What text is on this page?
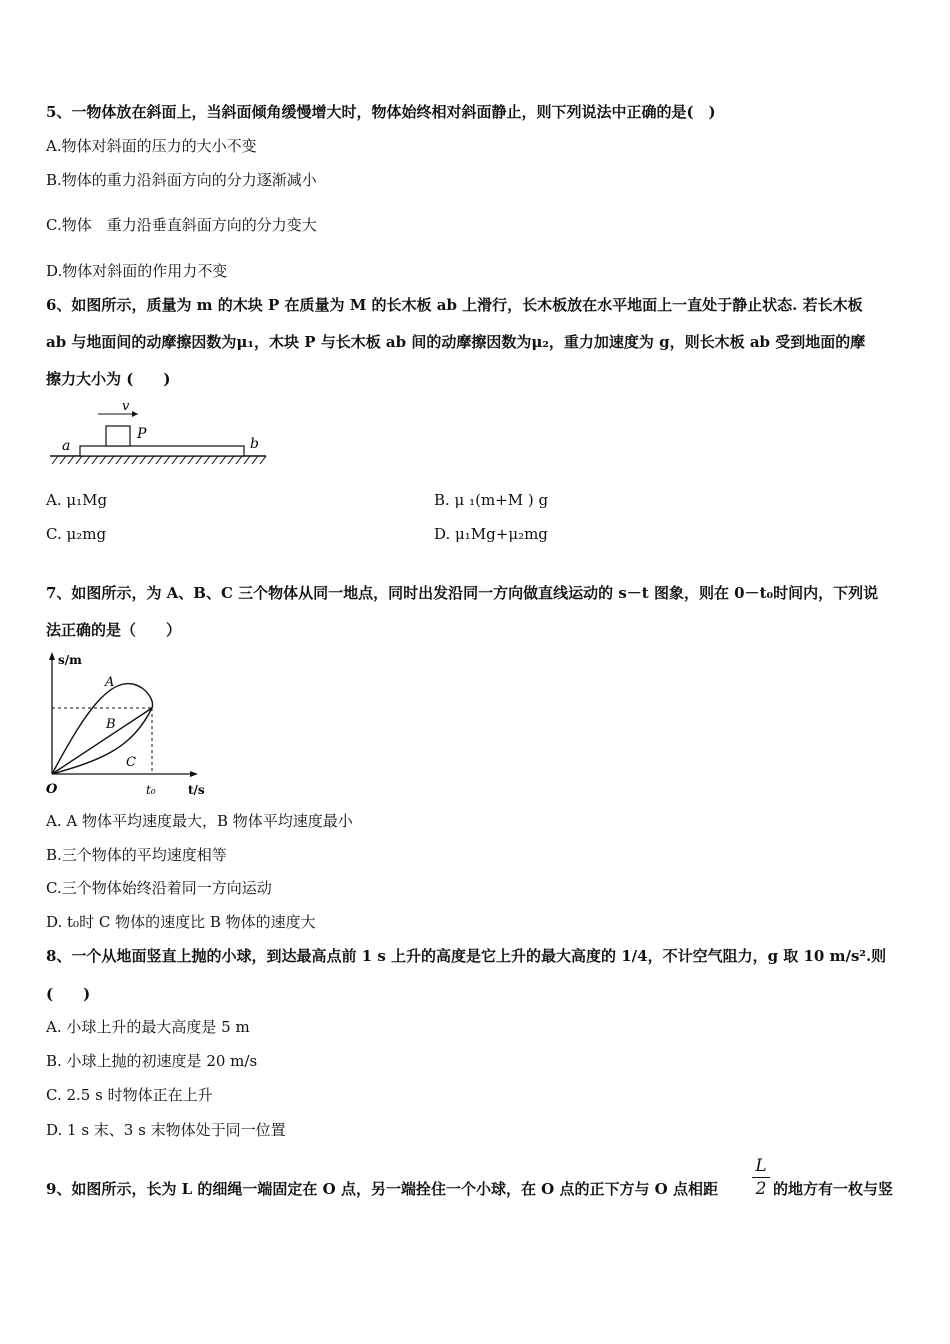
5、一物体放在斜面上，当斜面倾角缓慢增大时，物体始终相对斜面静止，则下列说法中正确的是(　)
A.物体对斜面的压力的大小不变
B.物体的重力沿斜面方向的分力逐渐减小
C.物体　重力沿垂直斜面方向的分力变大
D.物体对斜面的作用力不变
6、如图所示，质量为 m 的木块 P 在质量为 M 的长木板 ab 上滑行，长木板放在水平地面上一直处于静止状态. 若长木板
ab 与地面间的动摩擦因数为μ₁，木块 P 与长木板 ab 间的动摩擦因数为μ₂，重力加速度为 g，则长木板 ab 受到地面的摩
擦力大小为 (　　)
v
P
a	b
A. μ₁Mg	B. μ ₁(m+M ) g
C. μ₂mg	D. μ₁Mg+μ₂mg
7、如图所示，为 A、B、C 三个物体从同一地点，同时出发沿同一方向做直线运动的 s－t 图象，则在 0－t₀时间内，下列说
法正确的是（　　）
s/m
t/s
O	t₀
A
B
C
A. A 物体平均速度最大，B 物体平均速度最小
B.三个物体的平均速度相等
C.三个物体始终沿着同一方向运动
D. t₀时 C 物体的速度比 B 物体的速度大
8、一个从地面竖直上抛的小球，到达最高点前 1 s 上升的高度是它上升的最大高度的 1/4，不计空气阻力，g 取 10 m/s².则
(　　)
A. 小球上升的最大高度是 5 m
B. 小球上抛的初速度是 20 m/s
C. 2.5 s 时物体正在上升
D. 1 s 末、3 s 末物体处于同一位置
9、如图所示，长为 L 的细绳一端固定在 O 点，另一端拴住一个小球，在 O 点的正下方与 O 点相距
L
2 的地方有一枚与竖
